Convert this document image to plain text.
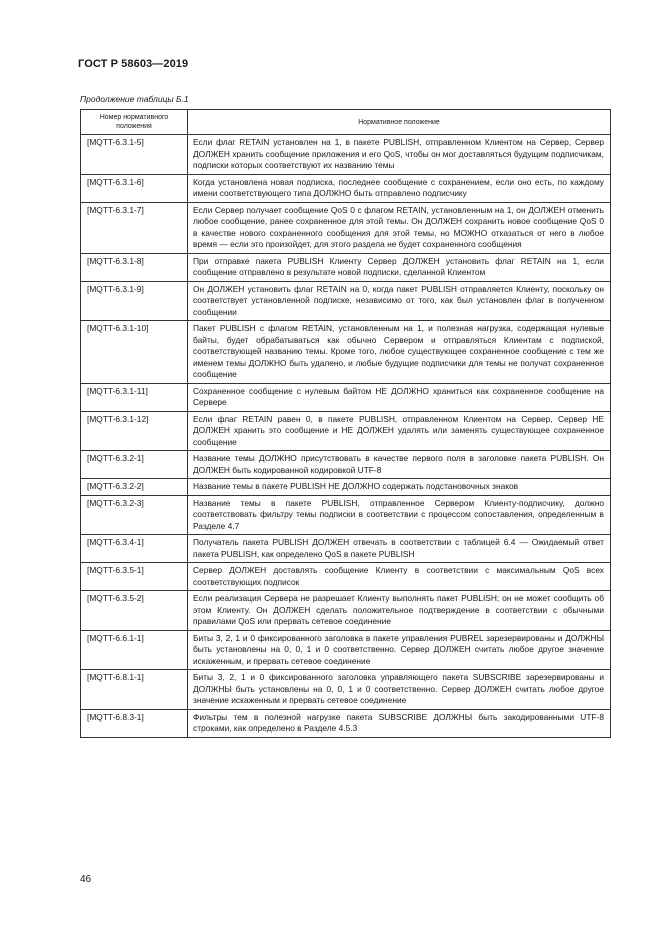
ГОСТ Р 58603—2019
Продолжение таблицы Б.1
Номер нормативного положения	Нормативное положение
[MQTT-6.3.1-5]	Если флаг RETAIN установлен на 1, в пакете PUBLISH, отправленном Клиентом на Сервер, Сервер ДОЛЖЕН хранить сообщение приложения и его QoS, чтобы он мог доставляться будущим подписчикам, подписки которых соответствуют их названию темы
[MQTT-6.3.1-6]	Когда установлена новая подписка, последнее сообщение с сохранением, если оно есть, по каждому имени соответствующего типа ДОЛЖНО быть отправлено подписчику
[MQTT-6.3.1-7]	Если Сервер получает сообщение QoS 0 с флагом RETAIN, установленным на 1, он ДОЛЖЕН отменить любое сообщение, ранее сохраненное для этой темы. Он ДОЛЖЕН сохранить новое сообщение QoS 0 в качестве нового сохраненного сообщения для этой темы, но МОЖНО отказаться от него в любое время — если это произойдет, для этого раздела не будет сохраненного сообщения
[MQTT-6.3.1-8]	При отправке пакета PUBLISH Клиенту Сервер ДОЛЖЕН установить флаг RETAIN на 1, если сообщение отправлено в результате новой подписки, сделанной Клиентом
[MQTT-6.3.1-9]	Он ДОЛЖЕН установить флаг RETAIN на 0, когда пакет PUBLISH отправляется Клиенту, поскольку он соответствует установленной подписке, независимо от того, как был установлен флаг в полученном сообщении
[MQTT-6.3.1-10]	Пакет PUBLISH с флагом RETAIN, установленным на 1, и полезная нагрузка, содержащая нулевые байты, будет обрабатываться как обычно Сервером и отправляться Клиентам с подпиской, соответствующей названию темы. Кроме того, любое существующее сохраненное сообщение с тем же именем темы ДОЛЖНО быть удалено, и любые будущие подписчики для темы не получат сохраненное сообщение
[MQTT-6.3.1-11]	Сохраненное сообщение с нулевым байтом НЕ ДОЛЖНО храниться как сохраненное сообщение на Сервере
[MQTT-6.3.1-12]	Если флаг RETAIN равен 0, в пакете PUBLISH, отправленном Клиентом на Сервер, Сервер НЕ ДОЛЖЕН хранить это сообщение и НЕ ДОЛЖЕН удалять или заменять существующее сохраненное сообщение
[MQTT-6.3.2-1]	Название темы ДОЛЖНО присутствовать в качестве первого поля в заголовке пакета PUBLISH. Он ДОЛЖЕН быть кодированной кодировкой UTF-8
[MQTT-6.3.2-2]	Название темы в пакете PUBLISH НЕ ДОЛЖНО содержать подстановочных знаков
[MQTT-6.3.2-3]	Название темы в пакете PUBLISH, отправленное Сервером Клиенту-подписчику, должно соответствовать фильтру темы подписки в соответствии с процессом сопоставления, определенным в Разделе 4.7
[MQTT-6.3.4-1]	Получатель пакета PUBLISH ДОЛЖЕН отвечать в соответствии с таблицей 6.4 — Ожидаемый ответ пакета PUBLISH, как определено QoS в пакете PUBLISH
[MQTT-6.3.5-1]	Сервер ДОЛЖЕН доставлять сообщение Клиенту в соответствии с максимальным QoS всех соответствующих подписок
[MQTT-6.3.5-2]	Если реализация Сервера не разрешает Клиенту выполнять пакет PUBLISH; он не может сообщить об этом Клиенту. Он ДОЛЖЕН сделать положительное подтверждение в соответствии с обычными правилами QoS или прервать сетевое соединение
[MQTT-6.6.1-1]	Биты 3, 2, 1 и 0 фиксированного заголовка в пакете управления PUBREL зарезервированы и ДОЛЖНЫ быть установлены на 0, 0, 1 и 0 соответственно. Сервер ДОЛЖЕН считать любое другое значение искаженным, и прервать сетевое соединение
[MQTT-6.8.1-1]	Биты 3, 2, 1 и 0 фиксированного заголовка управляющего пакета SUBSCRIBE зарезервированы и ДОЛЖНЫ быть установлены на 0, 0, 1 и 0 соответственно. Сервер ДОЛЖЕН считать любое другое значение искаженным и прервать сетевое соединение
[MQTT-6.8.3-1]	Фильтры тем в полезной нагрузке пакета SUBSCRIBE ДОЛЖНЫ быть закодированными UTF-8 строками, как определено в Разделе 4.5.3
46
